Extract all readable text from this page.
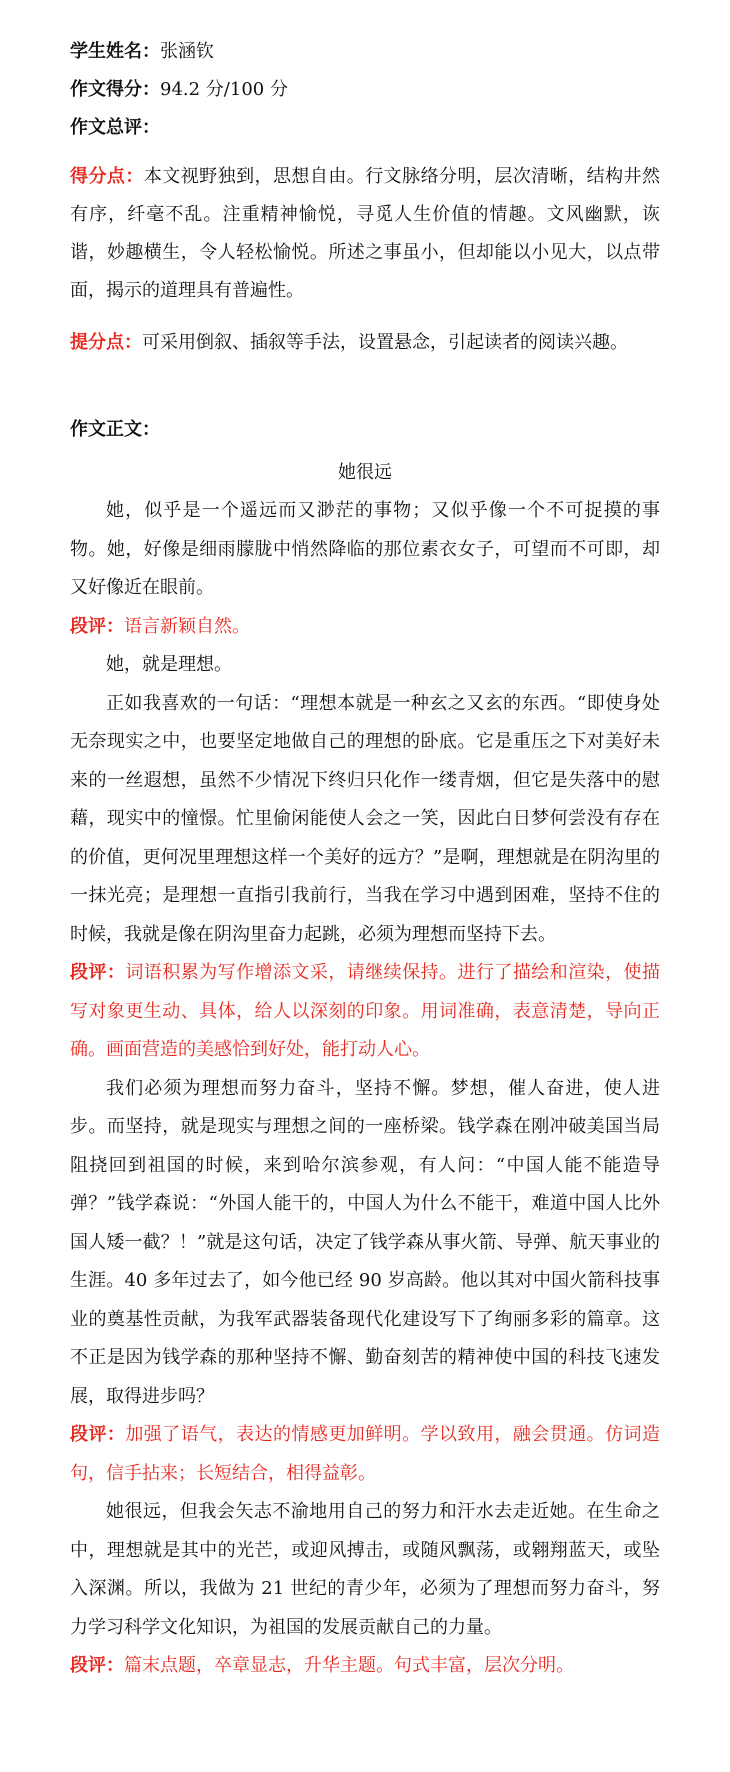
学生姓名：张涵钦
作文得分：94.2 分/100 分
作文总评：

得分点：本文视野独到，思想自由。行文脉络分明，层次清晰，结构井然有序，纤毫不乱。注重精神愉悦，寻觅人生价值的情趣。文风幽默，诙谐，妙趣横生，令人轻松愉悦。所述之事虽小，但却能以小见大，以点带面，揭示的道理具有普遍性。

提分点：可采用倒叙、插叙等手法，设置悬念，引起读者的阅读兴趣。

作文正文：

她很远

她，似乎是一个遥远而又渺茫的事物；又似乎像一个不可捉摸的事物。她，好像是细雨朦胧中悄然降临的那位素衣女子，可望而不可即，却又好像近在眼前。

段评：语言新颖自然。

她，就是理想。

正如我喜欢的一句话：“理想本就是一种玄之又玄的东西。“即使身处无奈现实之中，也要坚定地做自己的理想的卧底。它是重压之下对美好未来的一丝遐想，虽然不少情况下终归只化作一缕青烟，但它是失落中的慰藉，现实中的憧憬。忙里偷闲能使人会之一笑，因此白日梦何尝没有存在的价值，更何况里理想这样一个美好的远方？”是啊，理想就是在阴沟里的一抹光亮；是理想一直指引我前行，当我在学习中遇到困难，坚持不住的时候，我就是像在阴沟里奋力起跳，必须为理想而坚持下去。

段评：词语积累为写作增添文采，请继续保持。进行了描绘和渲染，使描写对象更生动、具体，给人以深刻的印象。用词准确，表意清楚，导向正确。画面营造的美感恰到好处，能打动人心。

我们必须为理想而努力奋斗，坚持不懈。梦想，催人奋进，使人进步。而坚持，就是现实与理想之间的一座桥梁。钱学森在刚冲破美国当局阻挠回到祖国的时候，来到哈尔滨参观，有人问：“中国人能不能造导弹？”钱学森说：“外国人能干的，中国人为什么不能干，难道中国人比外国人矮一截？！”就是这句话，决定了钱学森从事火箭、导弹、航天事业的生涯。40 多年过去了，如今他已经 90 岁高龄。他以其对中国火箭科技事业的奠基性贡献，为我军武器装备现代化建设写下了绚丽多彩的篇章。这不正是因为钱学森的那种坚持不懈、勤奋刻苦的精神使中国的科技飞速发展，取得进步吗？

段评：加强了语气，表达的情感更加鲜明。学以致用，融会贯通。仿词造句，信手拈来；长短结合，相得益彰。

她很远，但我会矢志不渝地用自己的努力和汗水去走近她。在生命之中，理想就是其中的光芒，或迎风搏击，或随风飘荡，或翱翔蓝天，或坠入深渊。所以，我做为 21 世纪的青少年，必须为了理想而努力奋斗，努力学习科学文化知识，为祖国的发展贡献自己的力量。

段评：篇末点题，卒章显志，升华主题。句式丰富，层次分明。
